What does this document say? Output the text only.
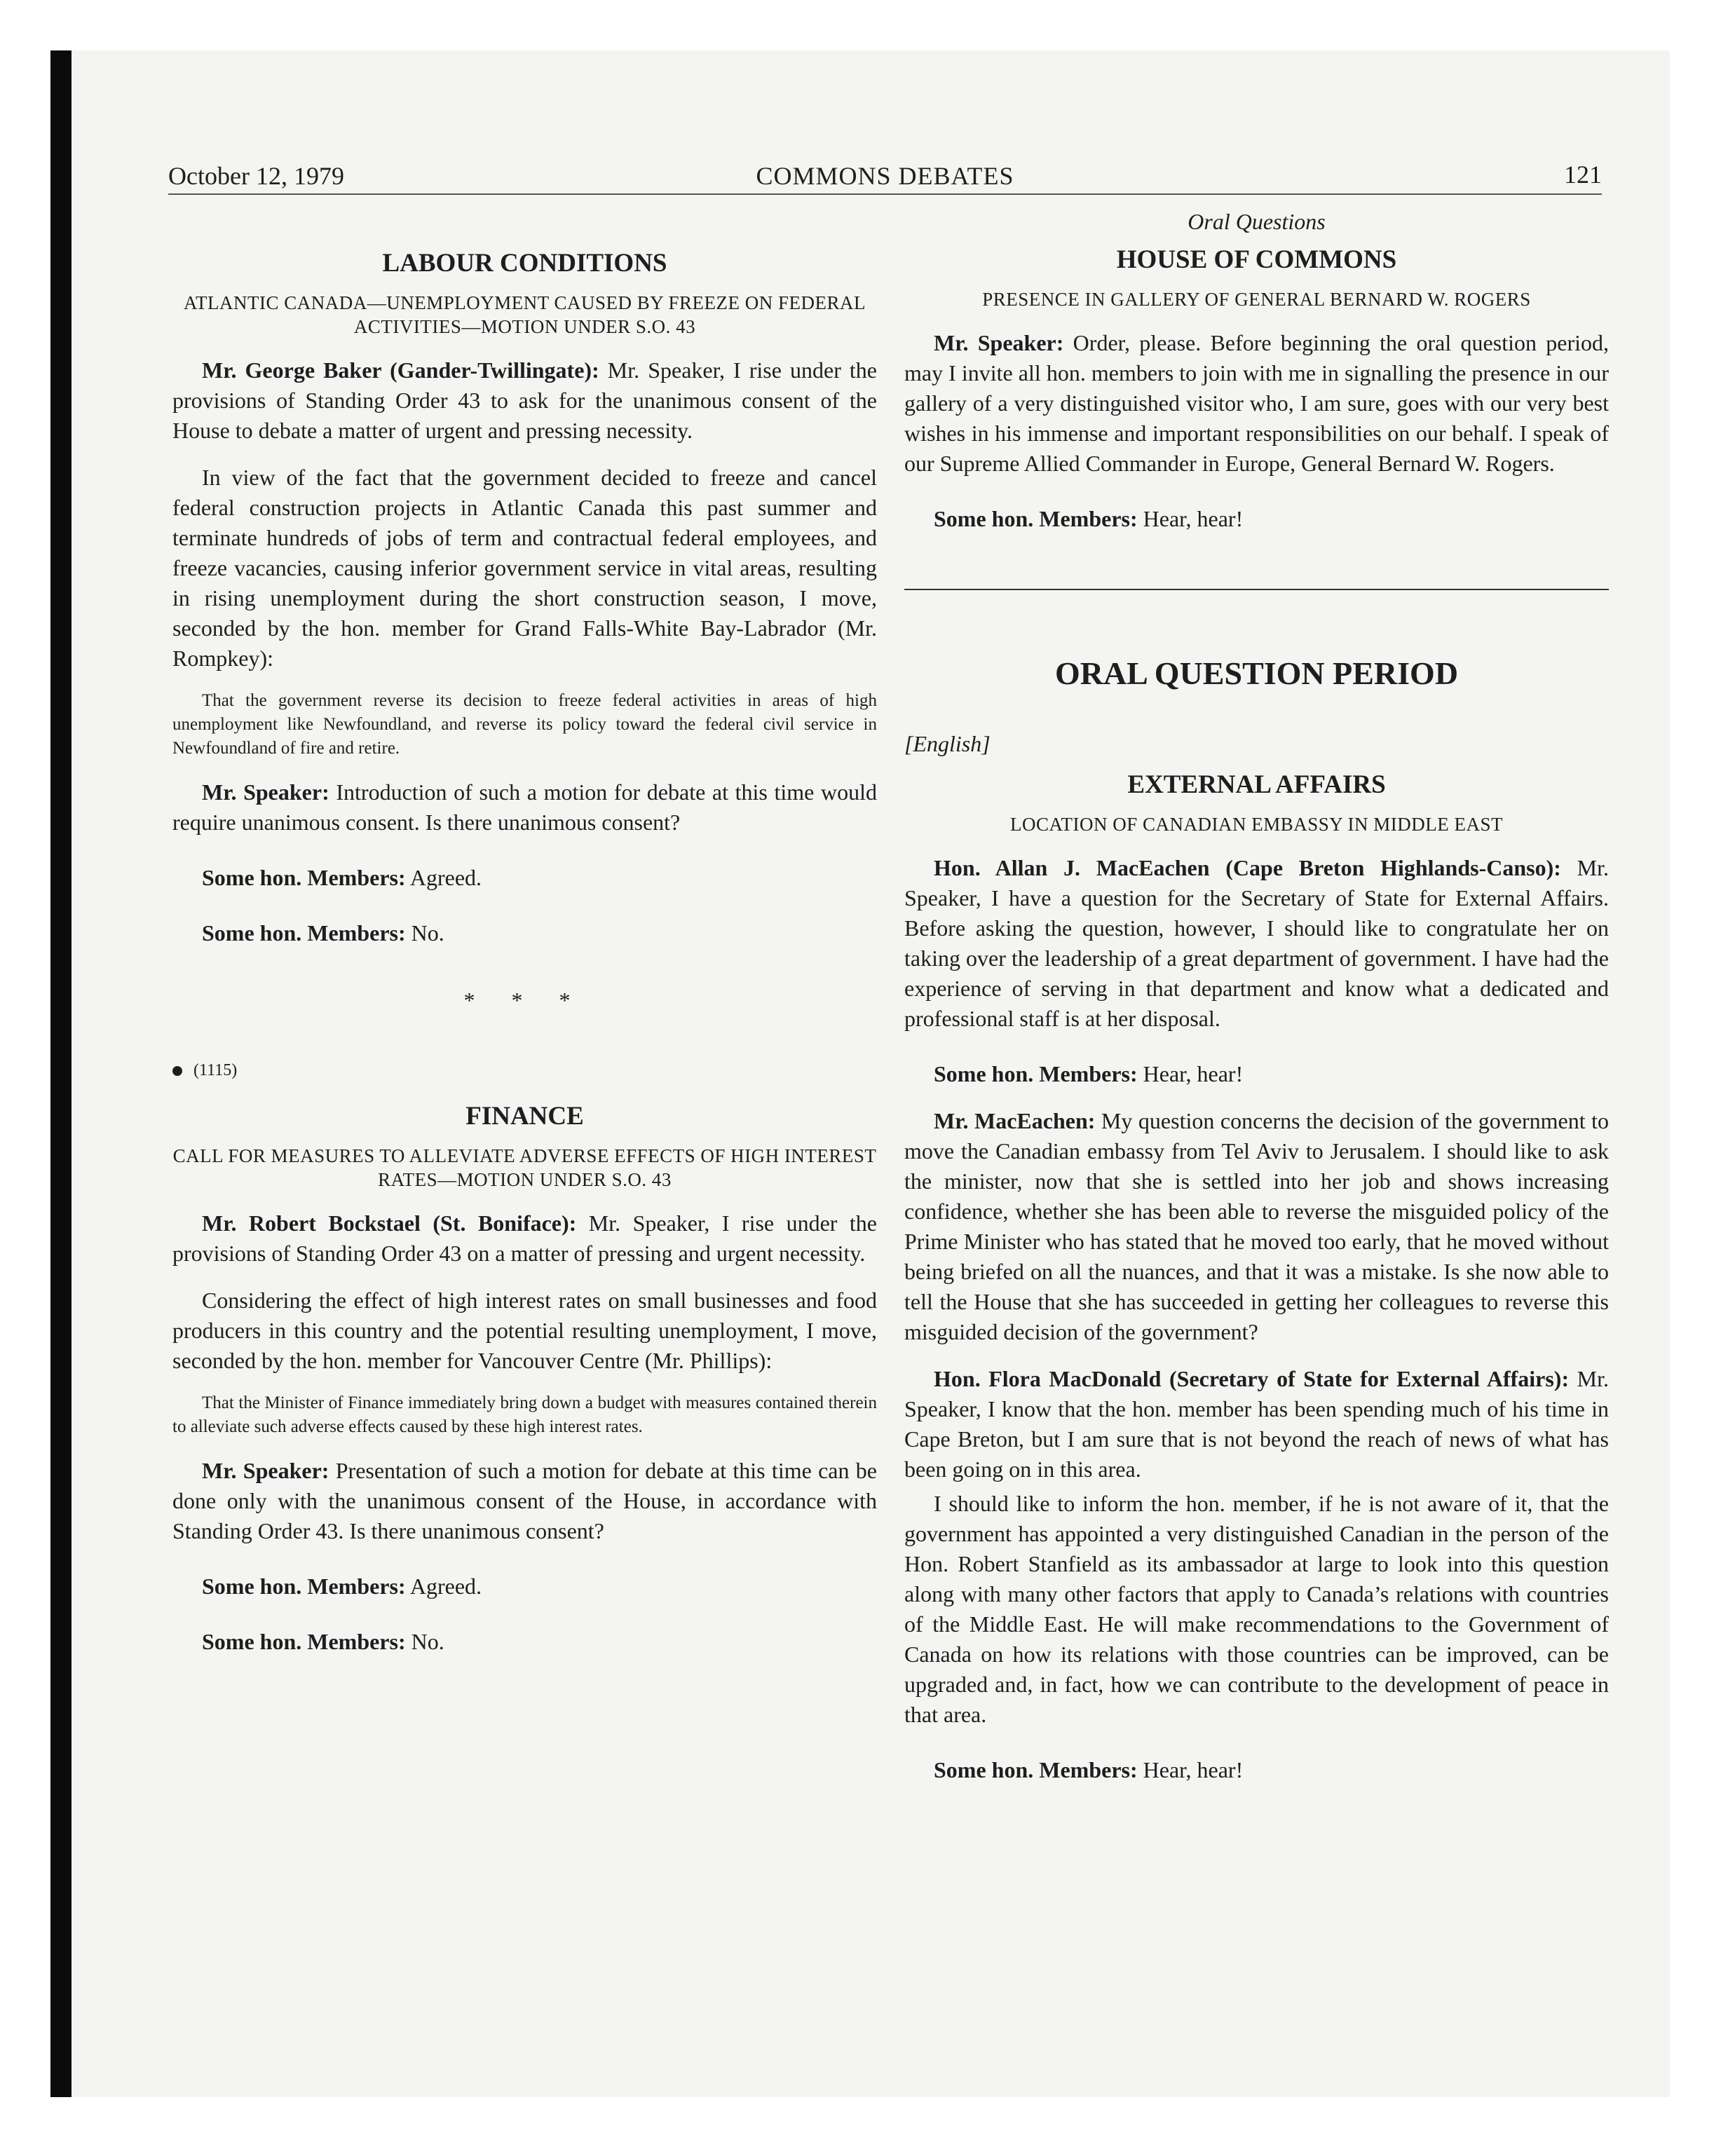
October 12, 1979	COMMONS DEBATES	121
LABOUR CONDITIONS

ATLANTIC CANADA—UNEMPLOYMENT CAUSED BY FREEZE ON FEDERAL ACTIVITIES—MOTION UNDER S.O. 43

Mr. George Baker (Gander-Twillingate): Mr. Speaker, I rise under the provisions of Standing Order 43 to ask for the unanimous consent of the House to debate a matter of urgent and pressing necessity.

In view of the fact that the government decided to freeze and cancel federal construction projects in Atlantic Canada this past summer and terminate hundreds of jobs of term and contractual federal employees, and freeze vacancies, causing inferior government service in vital areas, resulting in rising unemployment during the short construction season, I move, seconded by the hon. member for Grand Falls-White Bay-Labrador (Mr. Rompkey):

That the government reverse its decision to freeze federal activities in areas of high unemployment like Newfoundland, and reverse its policy toward the federal civil service in Newfoundland of fire and retire.

Mr. Speaker: Introduction of such a motion for debate at this time would require unanimous consent. Is there unanimous consent?

Some hon. Members: Agreed.

Some hon. Members: No.

* * *

(1115)

FINANCE

CALL FOR MEASURES TO ALLEVIATE ADVERSE EFFECTS OF HIGH INTEREST RATES—MOTION UNDER S.O. 43

Mr. Robert Bockstael (St. Boniface): Mr. Speaker, I rise under the provisions of Standing Order 43 on a matter of pressing and urgent necessity.

Considering the effect of high interest rates on small businesses and food producers in this country and the potential resulting unemployment, I move, seconded by the hon. member for Vancouver Centre (Mr. Phillips):

That the Minister of Finance immediately bring down a budget with measures contained therein to alleviate such adverse effects caused by these high interest rates.

Mr. Speaker: Presentation of such a motion for debate at this time can be done only with the unanimous consent of the House, in accordance with Standing Order 43. Is there unanimous consent?

Some hon. Members: Agreed.

Some hon. Members: No.

Oral Questions

HOUSE OF COMMONS

PRESENCE IN GALLERY OF GENERAL BERNARD W. ROGERS

Mr. Speaker: Order, please. Before beginning the oral question period, may I invite all hon. members to join with me in signalling the presence in our gallery of a very distinguished visitor who, I am sure, goes with our very best wishes in his immense and important responsibilities on our behalf. I speak of our Supreme Allied Commander in Europe, General Bernard W. Rogers.

Some hon. Members: Hear, hear!

ORAL QUESTION PERIOD

[English]

EXTERNAL AFFAIRS

LOCATION OF CANADIAN EMBASSY IN MIDDLE EAST

Hon. Allan J. MacEachen (Cape Breton Highlands-Canso): Mr. Speaker, I have a question for the Secretary of State for External Affairs. Before asking the question, however, I should like to congratulate her on taking over the leadership of a great department of government. I have had the experience of serving in that department and know what a dedicated and professional staff is at her disposal.

Some hon. Members: Hear, hear!

Mr. MacEachen: My question concerns the decision of the government to move the Canadian embassy from Tel Aviv to Jerusalem. I should like to ask the minister, now that she is settled into her job and shows increasing confidence, whether she has been able to reverse the misguided policy of the Prime Minister who has stated that he moved too early, that he moved without being briefed on all the nuances, and that it was a mistake. Is she now able to tell the House that she has succeeded in getting her colleagues to reverse this misguided decision of the government?

Hon. Flora MacDonald (Secretary of State for External Affairs): Mr. Speaker, I know that the hon. member has been spending much of his time in Cape Breton, but I am sure that is not beyond the reach of news of what has been going on in this area.

I should like to inform the hon. member, if he is not aware of it, that the government has appointed a very distinguished Canadian in the person of the Hon. Robert Stanfield as its ambassador at large to look into this question along with many other factors that apply to Canada’s relations with countries of the Middle East. He will make recommendations to the Government of Canada on how its relations with those countries can be improved, can be upgraded and, in fact, how we can contribute to the development of peace in that area.

Some hon. Members: Hear, hear!
